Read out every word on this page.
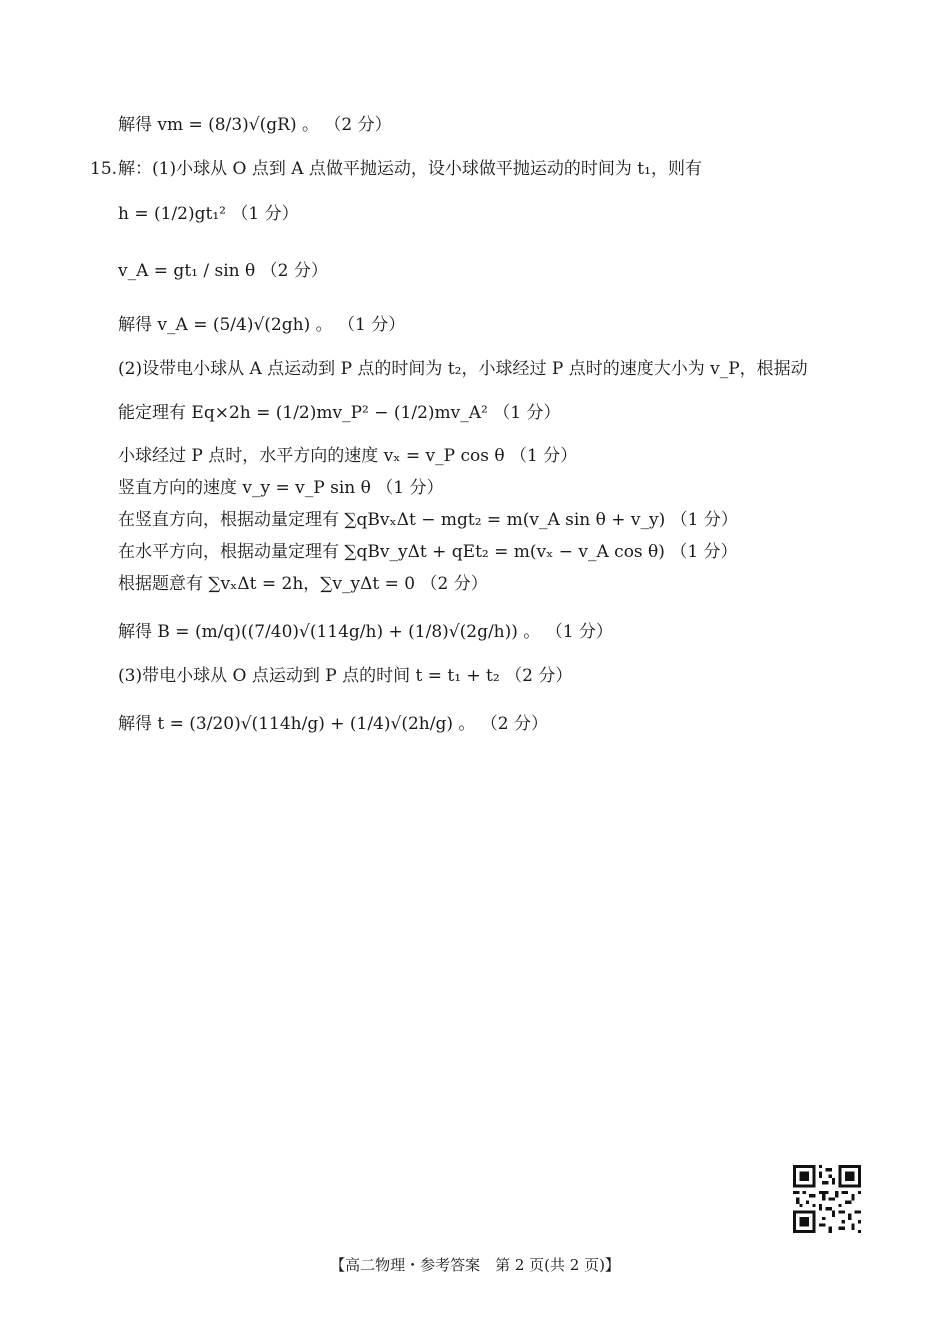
解得 vm = (8/3)√(gR) 。 （2 分）
15. 解：(1)小球从 O 点到 A 点做平抛运动，设小球做平抛运动的时间为 t₁，则有
h = (1/2)gt₁² （1 分）
v_A = gt₁ / sin θ （2 分）
解得 v_A = (5/4)√(2gh) 。 （1 分）
(2)设带电小球从 A 点运动到 P 点的时间为 t₂，小球经过 P 点时的速度大小为 v_P，根据动
能定理有 Eq×2h = (1/2)mv_P² − (1/2)mv_A² （1 分）
小球经过 P 点时，水平方向的速度 vₓ = v_P cos θ （1 分）
竖直方向的速度 v_y = v_P sin θ （1 分）
在竖直方向，根据动量定理有 ∑qBvₓΔt − mgt₂ = m(v_A sin θ + v_y) （1 分）
在水平方向，根据动量定理有 ∑qBv_yΔt + qEt₂ = m(vₓ − v_A cos θ) （1 分）
根据题意有 ∑vₓΔt = 2h，∑v_yΔt = 0 （2 分）
解得 B = (m/q)((7/40)√(114g/h) + (1/8)√(2g/h)) 。 （1 分）
(3)带电小球从 O 点运动到 P 点的时间 t = t₁ + t₂ （2 分）
解得 t = (3/20)√(114h/g) + (1/4)√(2h/g) 。 （2 分）
【高二物理・参考答案　第 2 页(共 2 页)】
